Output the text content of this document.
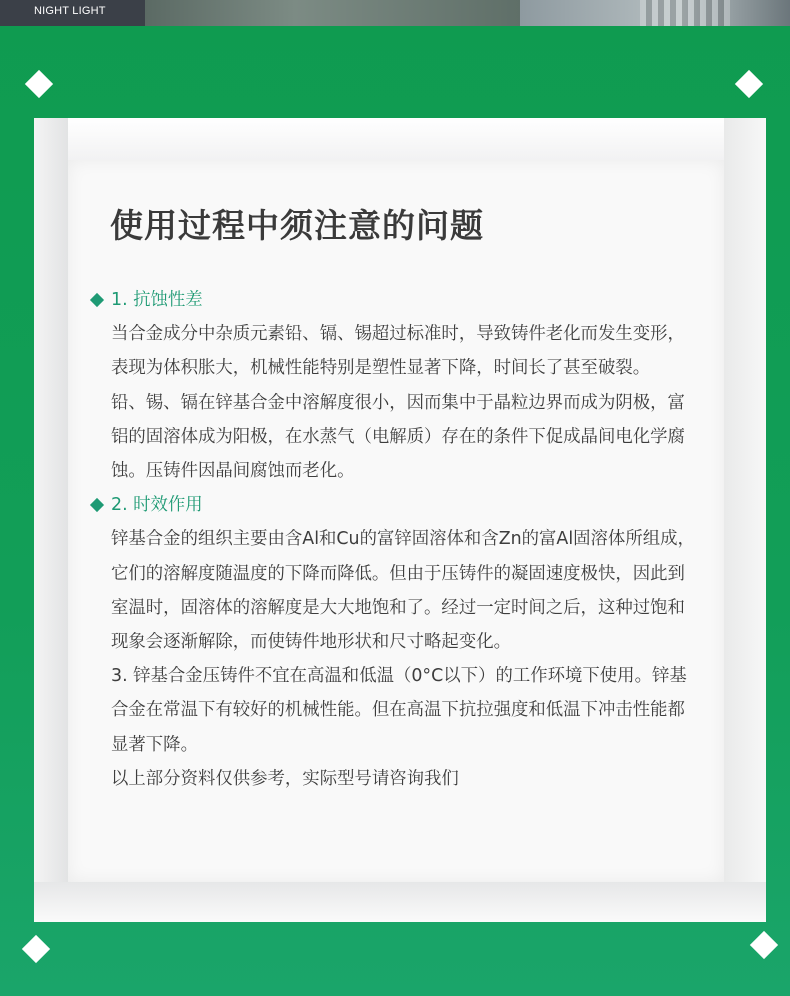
NIGHT LIGHT
使用过程中须注意的问题
1. 抗蚀性差
当合金成分中杂质元素铅、镉、锡超过标准时，导致铸件老化而发生变形，表现为体积胀大，机械性能特别是塑性显著下降，时间长了甚至破裂。
铅、锡、镉在锌基合金中溶解度很小，因而集中于晶粒边界而成为阴极，富铝的固溶体成为阳极，在水蒸气（电解质）存在的条件下促成晶间电化学腐蚀。压铸件因晶间腐蚀而老化。
2. 时效作用
锌基合金的组织主要由含Al和Cu的富锌固溶体和含Zn的富Al固溶体所组成，它们的溶解度随温度的下降而降低。但由于压铸件的凝固速度极快，因此到室温时，固溶体的溶解度是大大地饱和了。经过一定时间之后，这种过饱和现象会逐渐解除，而使铸件地形状和尺寸略起变化。
3. 锌基合金压铸件不宜在高温和低温（0°C以下）的工作环境下使用。锌基合金在常温下有较好的机械性能。但在高温下抗拉强度和低温下冲击性能都显著下降。
以上部分资料仅供参考，实际型号请咨询我们
